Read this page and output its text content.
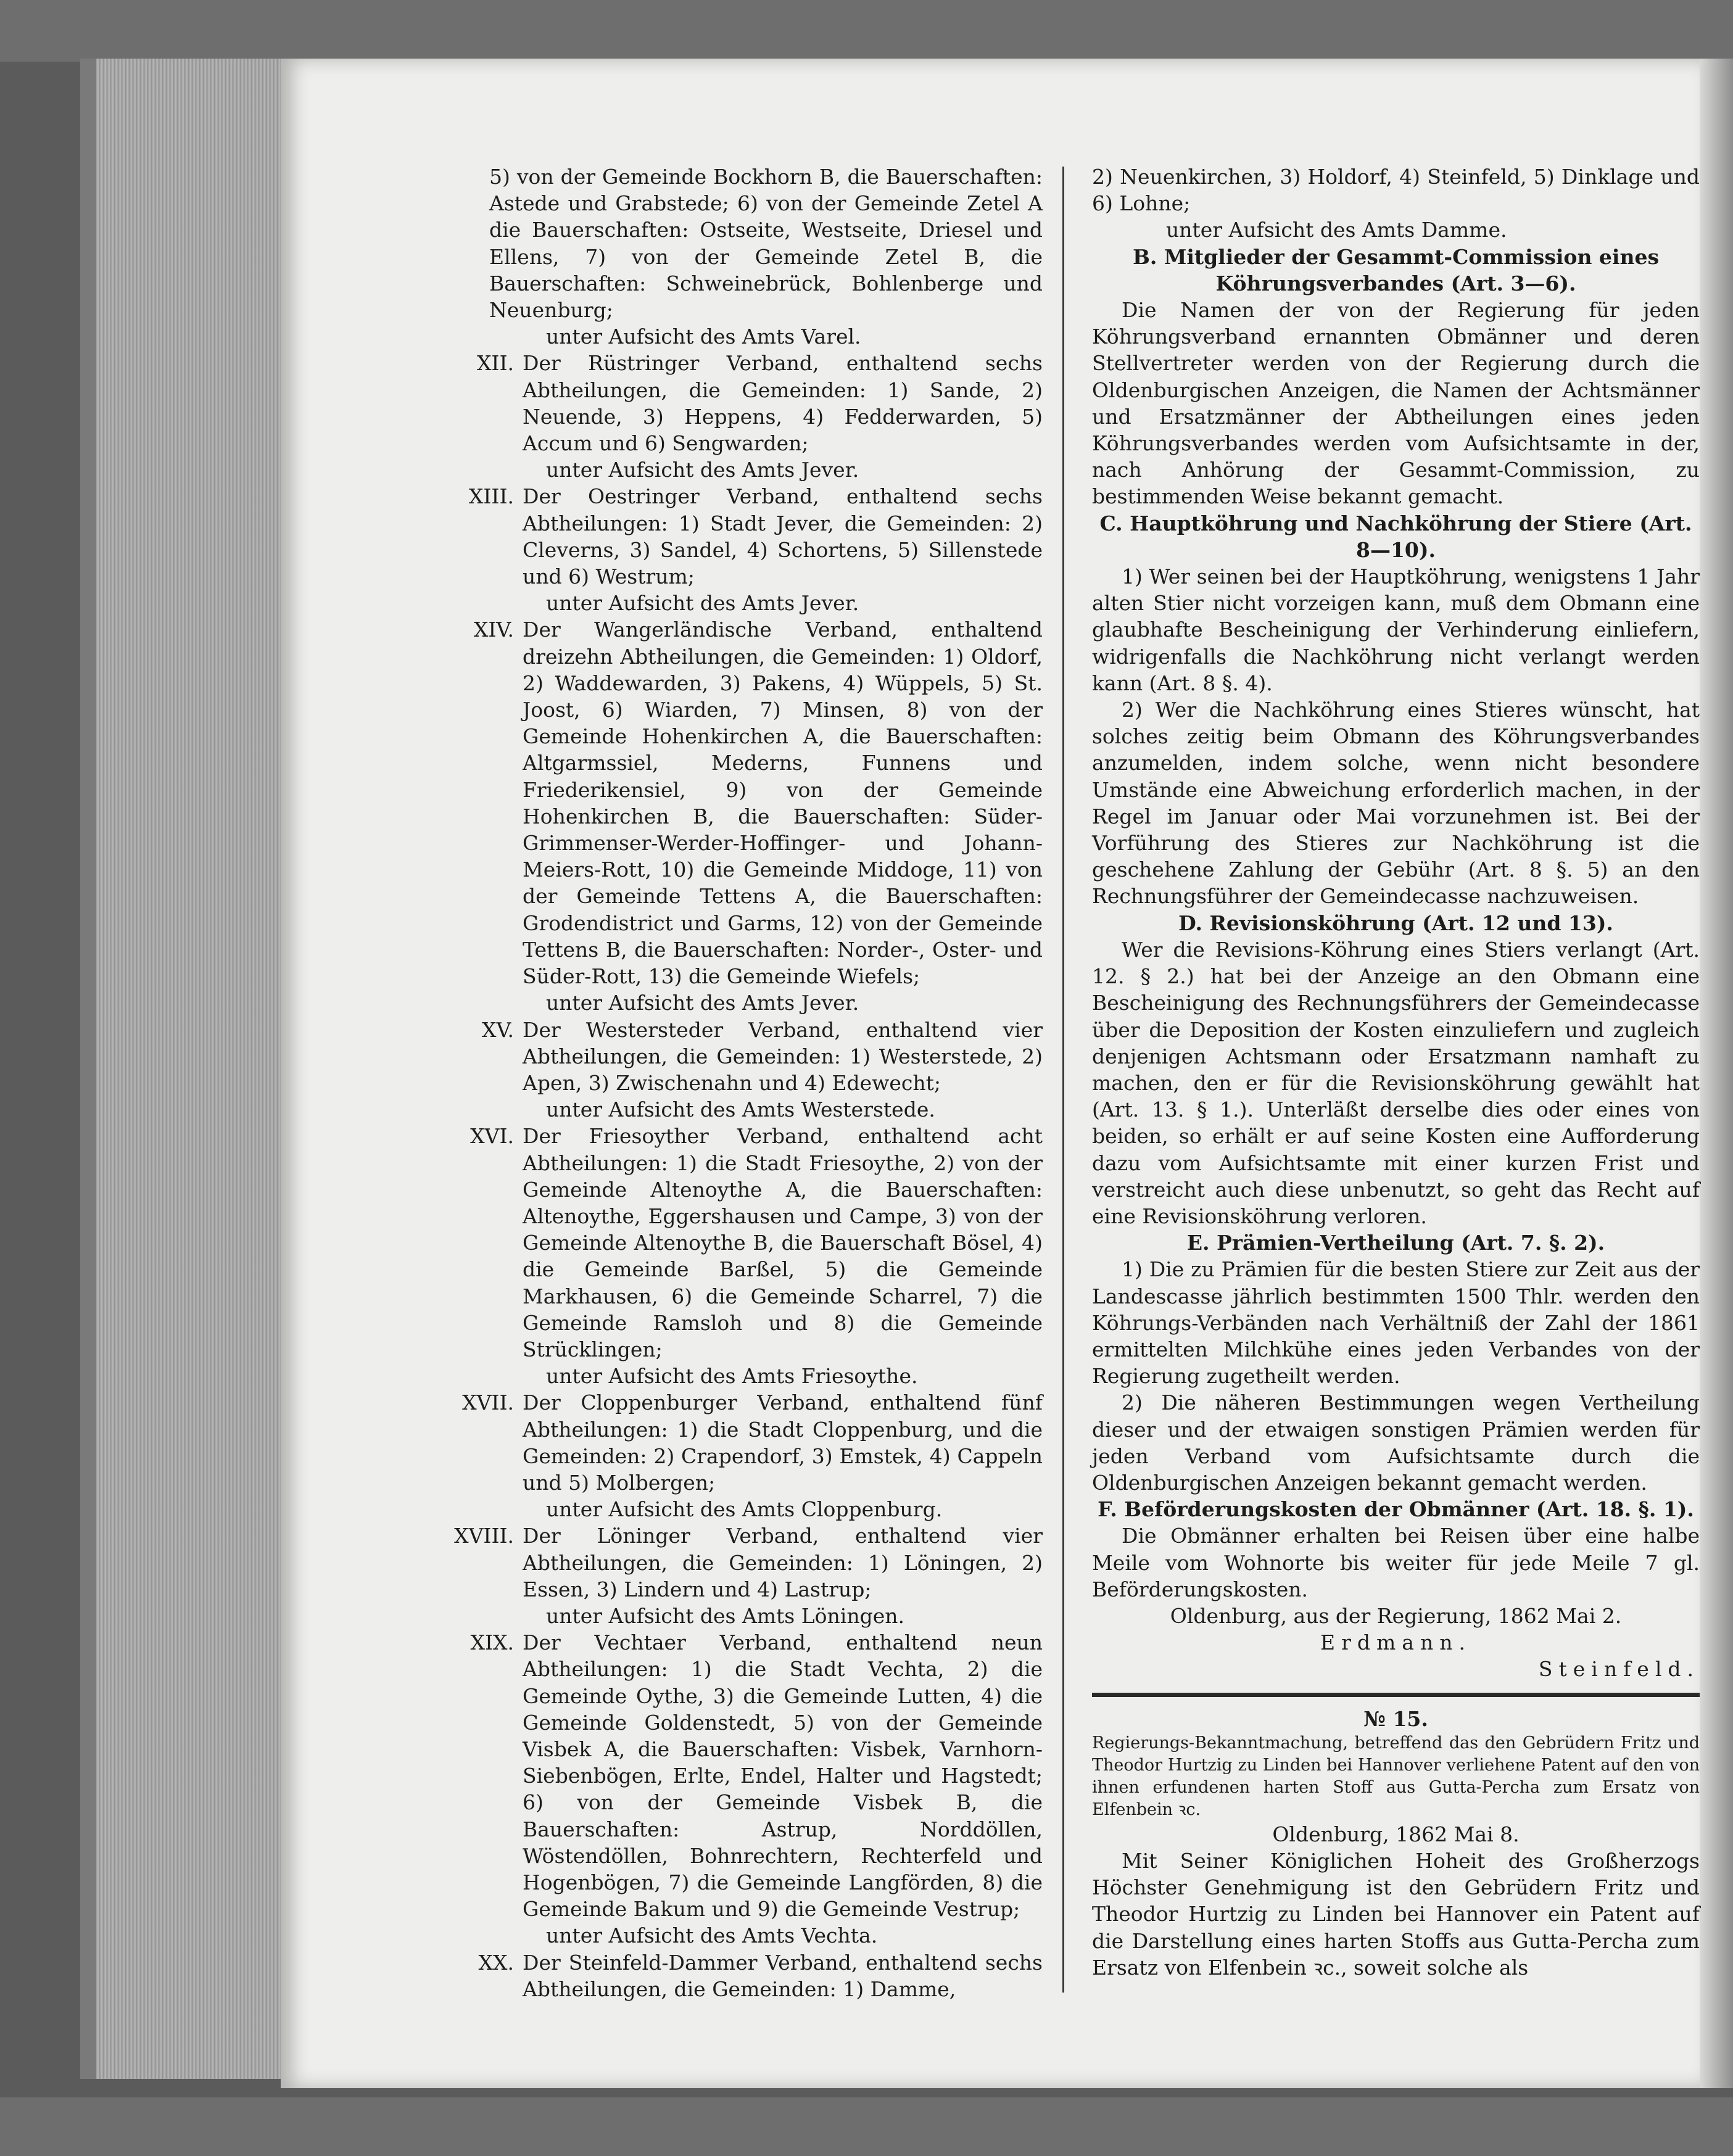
5) von der Gemeinde Bockhorn B, die Bauerschaften: Astede und Grabstede; 6) von der Gemeinde Zetel A die Bauerschaften: Ostseite, Westseite, Driesel und Ellens, 7) von der Gemeinde Zetel B, die Bauerschaften: Schweinebrück, Bohlenberge und Neuenburg;

unter Aufsicht des Amts Varel.

XII. Der Rüstringer Verband, enthaltend sechs Abtheilungen, die Gemeinden: 1) Sande, 2) Neuende, 3) Heppens, 4) Fedderwarden, 5) Accum und 6) Sengwarden;

unter Aufsicht des Amts Jever.

XIII. Der Oestringer Verband, enthaltend sechs Abtheilungen: 1) Stadt Jever, die Gemeinden: 2) Cleverns, 3) Sandel, 4) Schortens, 5) Sillenstede und 6) Westrum;

unter Aufsicht des Amts Jever.

XIV. Der Wangerländische Verband, enthaltend dreizehn Abtheilungen, die Gemeinden: 1) Oldorf, 2) Waddewarden, 3) Pakens, 4) Wüppels, 5) St. Joost, 6) Wiarden, 7) Minsen, 8) von der Gemeinde Hohenkirchen A, die Bauerschaften: Altgarmssiel, Mederns, Funnens und Friederikensiel, 9) von der Gemeinde Hohenkirchen B, die Bauerschaften: Süder-Grimmenser-Werder-Hoffinger- und Johann-Meiers-Rott, 10) die Gemeinde Middoge, 11) von der Gemeinde Tettens A, die Bauerschaften: Grodendistrict und Garms, 12) von der Gemeinde Tettens B, die Bauerschaften: Norder-, Oster- und Süder-Rott, 13) die Gemeinde Wiefels;

unter Aufsicht des Amts Jever.

XV. Der Westersteder Verband, enthaltend vier Abtheilungen, die Gemeinden: 1) Westerstede, 2) Apen, 3) Zwischenahn und 4) Edewecht;

unter Aufsicht des Amts Westerstede.

XVI. Der Friesoyther Verband, enthaltend acht Abtheilungen: 1) die Stadt Friesoythe, 2) von der Gemeinde Altenoythe A, die Bauerschaften: Altenoythe, Eggershausen und Campe, 3) von der Gemeinde Altenoythe B, die Bauerschaft Bösel, 4) die Gemeinde Barßel, 5) die Gemeinde Markhausen, 6) die Gemeinde Scharrel, 7) die Gemeinde Ramsloh und 8) die Gemeinde Strücklingen;

unter Aufsicht des Amts Friesoythe.

XVII. Der Cloppenburger Verband, enthaltend fünf Abtheilungen: 1) die Stadt Cloppenburg, und die Gemeinden: 2) Crapendorf, 3) Emstek, 4) Cappeln und 5) Molbergen;

unter Aufsicht des Amts Cloppenburg.

XVIII. Der Löninger Verband, enthaltend vier Abtheilungen, die Gemeinden: 1) Löningen, 2) Essen, 3) Lindern und 4) Lastrup;

unter Aufsicht des Amts Löningen.

XIX. Der Vechtaer Verband, enthaltend neun Abtheilungen: 1) die Stadt Vechta, 2) die Gemeinde Oythe, 3) die Gemeinde Lutten, 4) die Gemeinde Goldenstedt, 5) von der Gemeinde Visbek A, die Bauerschaften: Visbek, Varnhorn-Siebenbögen, Erlte, Endel, Halter und Hagstedt; 6) von der Gemeinde Visbek B, die Bauerschaften: Astrup, Norddöllen, Wöstendöllen, Bohnrechtern, Rechterfeld und Hogenbögen, 7) die Gemeinde Langförden, 8) die Gemeinde Bakum und 9) die Gemeinde Vestrup;

unter Aufsicht des Amts Vechta.

XX. Der Steinfeld-Dammer Verband, enthaltend sechs Abtheilungen, die Gemeinden: 1) Damme,

2) Neuenkirchen, 3) Holdorf, 4) Steinfeld, 5) Dinklage und 6) Lohne;

unter Aufsicht des Amts Damme.

B. Mitglieder der Gesammt-Commission eines Köhrungsverbandes (Art. 3—6).

Die Namen der von der Regierung für jeden Köhrungsverband ernannten Obmänner und deren Stellvertreter werden von der Regierung durch die Oldenburgischen Anzeigen, die Namen der Achtsmänner und Ersatzmänner der Abtheilungen eines jeden Köhrungsverbandes werden vom Aufsichtsamte in der, nach Anhörung der Gesammt-Commission, zu bestimmenden Weise bekannt gemacht.

C. Hauptköhrung und Nachköhrung der Stiere (Art. 8—10).

1) Wer seinen bei der Hauptköhrung, wenigstens 1 Jahr alten Stier nicht vorzeigen kann, muß dem Obmann eine glaubhafte Bescheinigung der Verhinderung einliefern, widrigenfalls die Nachköhrung nicht verlangt werden kann (Art. 8 §. 4).

2) Wer die Nachköhrung eines Stieres wünscht, hat solches zeitig beim Obmann des Köhrungsverbandes anzumelden, indem solche, wenn nicht besondere Umstände eine Abweichung erforderlich machen, in der Regel im Januar oder Mai vorzunehmen ist. Bei der Vorführung des Stieres zur Nachköhrung ist die geschehene Zahlung der Gebühr (Art. 8 §. 5) an den Rechnungsführer der Gemeindecasse nachzuweisen.

D. Revisionsköhrung (Art. 12 und 13).

Wer die Revisions-Köhrung eines Stiers verlangt (Art. 12. § 2.) hat bei der Anzeige an den Obmann eine Bescheinigung des Rechnungsführers der Gemeindecasse über die Deposition der Kosten einzuliefern und zugleich denjenigen Achtsmann oder Ersatzmann namhaft zu machen, den er für die Revisionsköhrung gewählt hat (Art. 13. § 1.). Unterläßt derselbe dies oder eines von beiden, so erhält er auf seine Kosten eine Aufforderung dazu vom Aufsichtsamte mit einer kurzen Frist und verstreicht auch diese unbenutzt, so geht das Recht auf eine Revisionsköhrung verloren.

E. Prämien-Vertheilung (Art. 7. §. 2).

1) Die zu Prämien für die besten Stiere zur Zeit aus der Landescasse jährlich bestimmten 1500 Thlr. werden den Köhrungs-Verbänden nach Verhältniß der Zahl der 1861 ermittelten Milchkühe eines jeden Verbandes von der Regierung zugetheilt werden.

2) Die näheren Bestimmungen wegen Vertheilung dieser und der etwaigen sonstigen Prämien werden für jeden Verband vom Aufsichtsamte durch die Oldenburgischen Anzeigen bekannt gemacht werden.

F. Beförderungskosten der Obmänner (Art. 18. §. 1).

Die Obmänner erhalten bei Reisen über eine halbe Meile vom Wohnorte bis weiter für jede Meile 7 gl. Beförderungskosten.

Oldenburg, aus der Regierung, 1862 Mai 2.

Erdmann.

Steinfeld.

№ 15.

Regierungs-Bekanntmachung, betreffend das den Gebrüdern Fritz und Theodor Hurtzig zu Linden bei Hannover verliehene Patent auf den von ihnen erfundenen harten Stoff aus Gutta-Percha zum Ersatz von Elfenbein ꝛc.

Oldenburg, 1862 Mai 8.

Mit Seiner Königlichen Hoheit des Großherzogs Höchster Genehmigung ist den Gebrüdern Fritz und Theodor Hurtzig zu Linden bei Hannover ein Patent auf die Darstellung eines harten Stoffs aus Gutta-Percha zum Ersatz von Elfenbein ꝛc., soweit solche als
